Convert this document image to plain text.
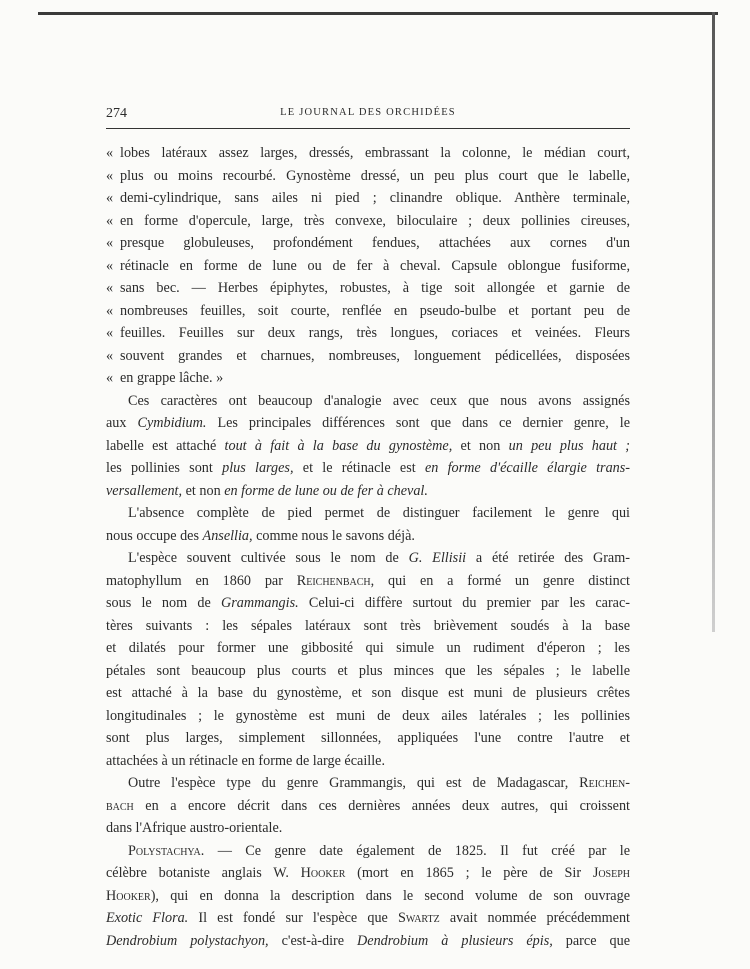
274	LE JOURNAL DES ORCHIDÉES
« lobes latéraux assez larges, dressés, embrassant la colonne, le médian court,
« plus ou moins recourbé. Gynostème dressé, un peu plus court que le labelle,
« demi-cylindrique, sans ailes ni pied ; clinandre oblique. Anthère terminale,
« en forme d'opercule, large, très convexe, biloculaire ; deux pollinies cireuses,
« presque globuleuses, profondément fendues, attachées aux cornes d'un
« rétinacle en forme de lune ou de fer à cheval. Capsule oblongue fusiforme,
« sans bec. — Herbes épiphytes, robustes, à tige soit allongée et garnie de
« nombreuses feuilles, soit courte, renflée en pseudo-bulbe et portant peu de
« feuilles. Feuilles sur deux rangs, très longues, coriaces et veinées. Fleurs
« souvent grandes et charnues, nombreuses, longuement pédicellées, disposées
« en grappe lâche. »
Ces caractères ont beaucoup d'analogie avec ceux que nous avons assignés
aux Cymbidium. Les principales différences sont que dans ce dernier genre, le
labelle est attaché tout à fait à la base du gynostème, et non un peu plus haut ;
les pollinies sont plus larges, et le rétinacle est en forme d'écaille élargie trans-
versallement, et non en forme de lune ou de fer à cheval.
L'absence complète de pied permet de distinguer facilement le genre qui
nous occupe des Ansellia, comme nous le savons déjà.
L'espèce souvent cultivée sous le nom de G. Ellisii a été retirée des Gram-
matophyllum en 1860 par Reichenbach, qui en a formé un genre distinct
sous le nom de Grammangis. Celui-ci diffère surtout du premier par les carac-
tères suivants : les sépales latéraux sont très brièvement soudés à la base
et dilatés pour former une gibbosité qui simule un rudiment d'éperon ; les
pétales sont beaucoup plus courts et plus minces que les sépales ; le labelle
est attaché à la base du gynostème, et son disque est muni de plusieurs crêtes
longitudinales ; le gynostème est muni de deux ailes latérales ; les pollinies
sont plus larges, simplement sillonnées, appliquées l'une contre l'autre et
attachées à un rétinacle en forme de large écaille.
Outre l'espèce type du genre Grammangis, qui est de Madagascar, Reichen-
bach en a encore décrit dans ces dernières années deux autres, qui croissent
dans l'Afrique austro-orientale.
Polystachya. — Ce genre date également de 1825. Il fut créé par le
célèbre botaniste anglais W. Hooker (mort en 1865 ; le père de Sir Joseph
Hooker), qui en donna la description dans le second volume de son ouvrage
Exotic Flora. Il est fondé sur l'espèce que Swartz avait nommée précédemment
Dendrobium polystachyon, c'est-à-dire Dendrobium à plusieurs épis, parce que
